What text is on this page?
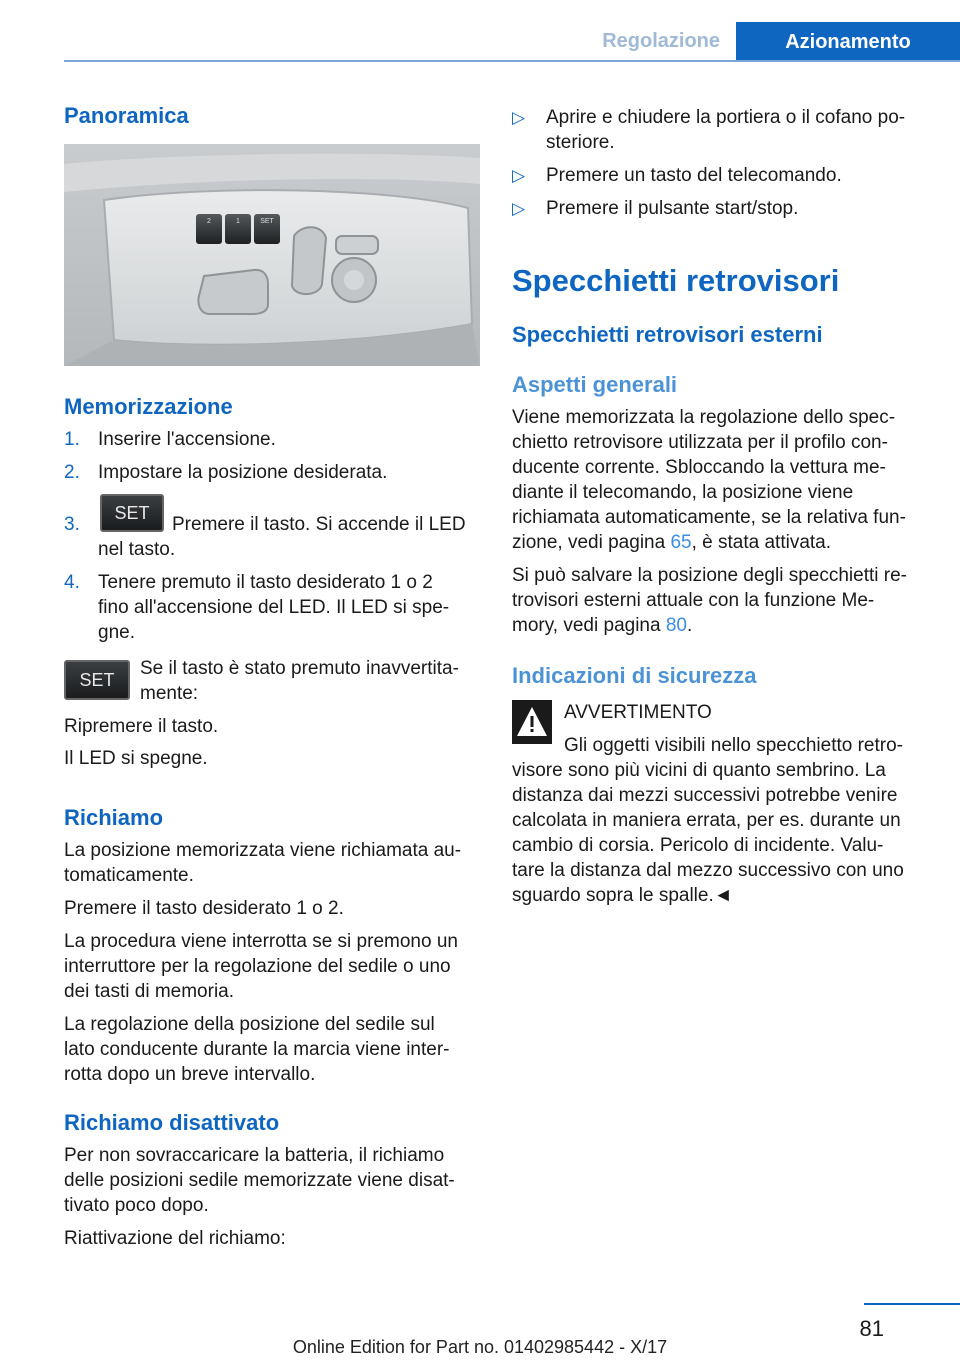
Regolazione	Azionamento
Panoramica
2	1	SET
Memorizzazione
1. Inserire l'accensione.
2. Impostare la posizione desiderata.
3.
SET
Premere il tasto. Si accende il LED
nel tasto.
4. Tenere premuto il tasto desiderato 1 o 2
fino all'accensione del LED. Il LED si spe-
gne.
SET
Se il tasto è stato premuto inavvertita-
mente:
Ripremere il tasto.
Il LED si spegne.
Richiamo
La posizione memorizzata viene richiamata au-
tomaticamente.
Premere il tasto desiderato 1 o 2.
La procedura viene interrotta se si premono un
interruttore per la regolazione del sedile o uno
dei tasti di memoria.
La regolazione della posizione del sedile sul
lato conducente durante la marcia viene inter-
rotta dopo un breve intervallo.
Richiamo disattivato
Per non sovraccaricare la batteria, il richiamo
delle posizioni sedile memorizzate viene disat-
tivato poco dopo.
Riattivazione del richiamo:
▷ Aprire e chiudere la portiera o il cofano po-
steriore.
▷ Premere un tasto del telecomando.
▷ Premere il pulsante start/stop.
Specchietti retrovisori
Specchietti retrovisori esterni
Aspetti generali
Viene memorizzata la regolazione dello spec-
chietto retrovisore utilizzata per il profilo con-
ducente corrente. Sbloccando la vettura me-
diante il telecomando, la posizione viene
richiamata automaticamente, se la relativa fun-
zione, vedi pagina 65, è stata attivata.
Si può salvare la posizione degli specchietti re-
trovisori esterni attuale con la funzione Me-
mory, vedi pagina 80.
Indicazioni di sicurezza
AVVERTIMENTO
Gli oggetti visibili nello specchietto retro-
visore sono più vicini di quanto sembrino. La
distanza dai mezzi successivi potrebbe venire
calcolata in maniera errata, per es. durante un
cambio di corsia. Pericolo di incidente. Valu-
tare la distanza dal mezzo successivo con uno
sguardo sopra le spalle.◄
81
Online Edition for Part no. 01402985442 - X/17
